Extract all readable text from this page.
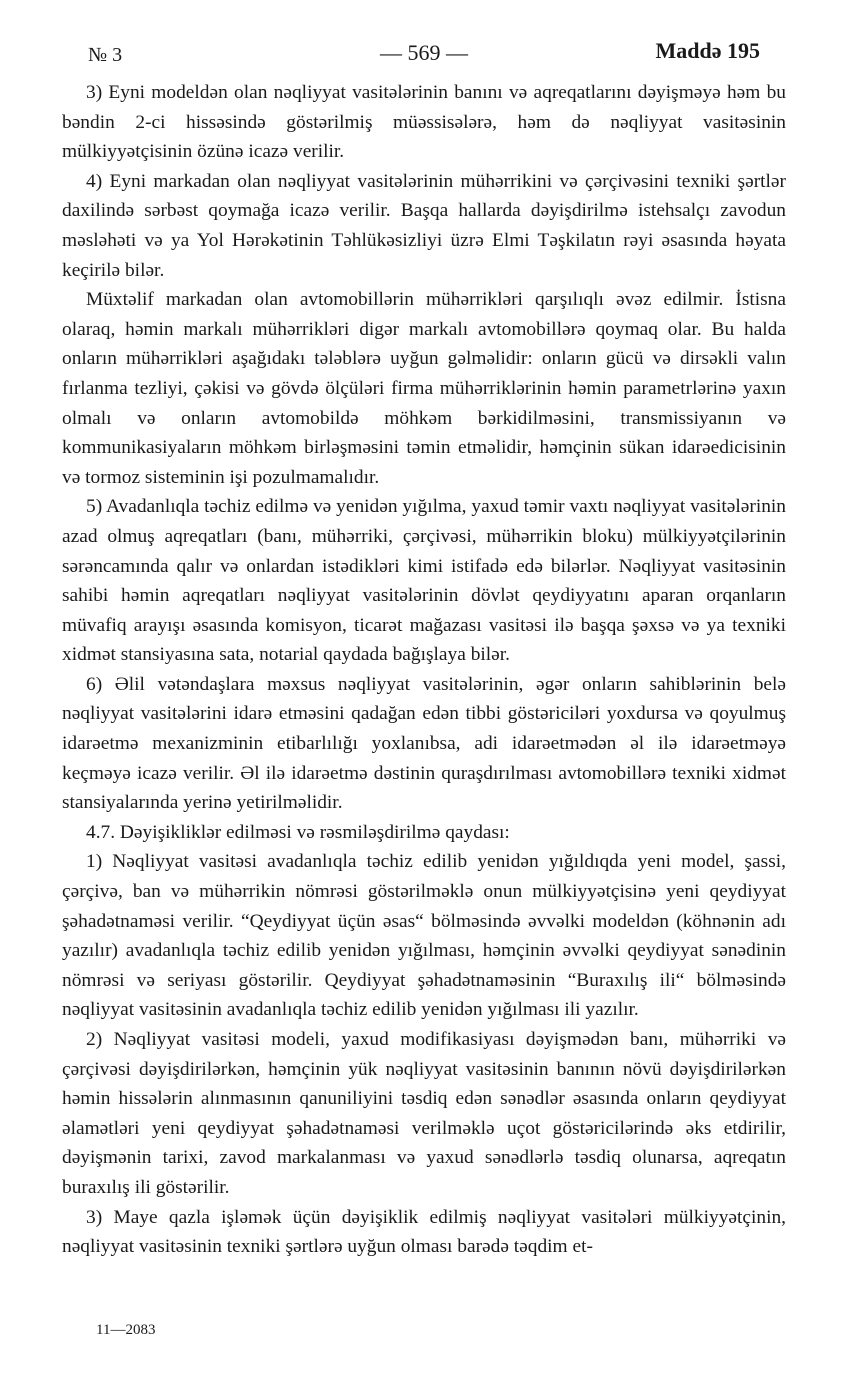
№ 3	— 569 —	Maddə 195

3) Eyni modeldən olan nəqliyyat vasitələrinin banını və aqreqatlarını dəyişməyə həm bu bəndin 2-ci hissəsində göstərilmiş müəssisələrə, həm də nəqliyyat vasitəsinin mülkiyyətçisinin özünə icazə verilir.

4) Eyni markadan olan nəqliyyat vasitələrinin mühərrikini və çərçivəsini texniki şərtlər daxilində sərbəst qoymağa icazə verilir. Başqa hallarda dəyişdirilmə istehsalçı zavodun məsləhəti və ya Yol Hərəkətinin Təhlükəsizliyi üzrə Elmi Təşkilatın rəyi əsasında həyata keçirilə bilər.

Müxtəlif markadan olan avtomobillərin mühərrikləri qarşılıqlı əvəz edilmir. İstisna olaraq, həmin markalı mühərrikləri digər markalı avtomobillərə qoymaq olar. Bu halda onların mühərrikləri aşağıdakı tələblərə uyğun gəlməlidir: onların gücü və dirsəkli valın fırlanma tezliyi, çəkisi və gövdə ölçüləri firma mühərriklərinin həmin parametrlərinə yaxın olmalı və onların avtomobildə möhkəm bərkidilməsini, transmissiyanın və kommunikasiyaların möhkəm birləşməsini təmin etməlidir, həmçinin sükan idarəedicisinin və tormoz sisteminin işi pozulmamalıdır.

5) Avadanlıqla təchiz edilmə və yenidən yığılma, yaxud təmir vaxtı nəqliyyat vasitələrinin azad olmuş aqreqatları (banı, mühərriki, çərçivəsi, mühərrikin bloku) mülkiyyətçilərinin sərəncamında qalır və onlardan istədikləri kimi istifadə edə bilərlər. Nəqliyyat vasitəsinin sahibi həmin aqreqatları nəqliyyat vasitələrinin dövlət qeydiyyatını aparan orqanların müvafiq arayışı əsasında komisyon, ticarət mağazası vasitəsi ilə başqa şəxsə və ya texniki xidmət stansiyasına sata, notarial qaydada bağışlaya bilər.

6) Əlil vətəndaşlara məxsus nəqliyyat vasitələrinin, əgər onların sahiblərinin belə nəqliyyat vasitələrini idarə etməsini qadağan edən tibbi göstəriciləri yoxdursa və qoyulmuş idarəetmə mexanizminin etibarlılığı yoxlanıbsa, adi idarəetmədən əl ilə idarəetməyə keçməyə icazə verilir. Əl ilə idarəetmə dəstinin quraşdırılması avtomobillərə texniki xidmət stansiyalarında yerinə yetirilməlidir.

4.7. Dəyişikliklər edilməsi və rəsmiləşdirilmə qaydası:

1) Nəqliyyat vasitəsi avadanlıqla təchiz edilib yenidən yığıldıqda yeni model, şassi, çərçivə, ban və mühərrikin nömrəsi göstərilməklə onun mülkiyyətçisinə yeni qeydiyyat şəhadətnaməsi verilir. “Qeydiyyat üçün əsas“ bölməsində əvvəlki modeldən (köhnənin adı yazılır) avadanlıqla təchiz edilib yenidən yığılması, həmçinin əvvəlki qeydiyyat sənədinin nömrəsi və seriyası göstərilir. Qeydiyyat şəhadətnaməsinin “Buraxılış ili“ bölməsində nəqliyyat vasitəsinin avadanlıqla təchiz edilib yenidən yığılması ili yazılır.

2) Nəqliyyat vasitəsi modeli, yaxud modifikasiyası dəyişmədən banı, mühərriki və çərçivəsi dəyişdirilərkən, həmçinin yük nəqliyyat vasitəsinin banının növü dəyişdirilərkən həmin hissələrin alınmasının qanuniliyini təsdiq edən sənədlər əsasında onların qeydiyyat əlamətləri yeni qeydiyyat şəhadətnaməsi verilməklə uçot göstəricilərində əks etdirilir, dəyişmənin tarixi, zavod markalanması və yaxud sənədlərlə təsdiq olunarsa, aqreqatın buraxılış ili göstərilir.

3) Maye qazla işləmək üçün dəyişiklik edilmiş nəqliyyat vasitələri mülkiyyətçinin, nəqliyyat vasitəsinin texniki şərtlərə uyğun olması barədə təqdim et-

11—2083
